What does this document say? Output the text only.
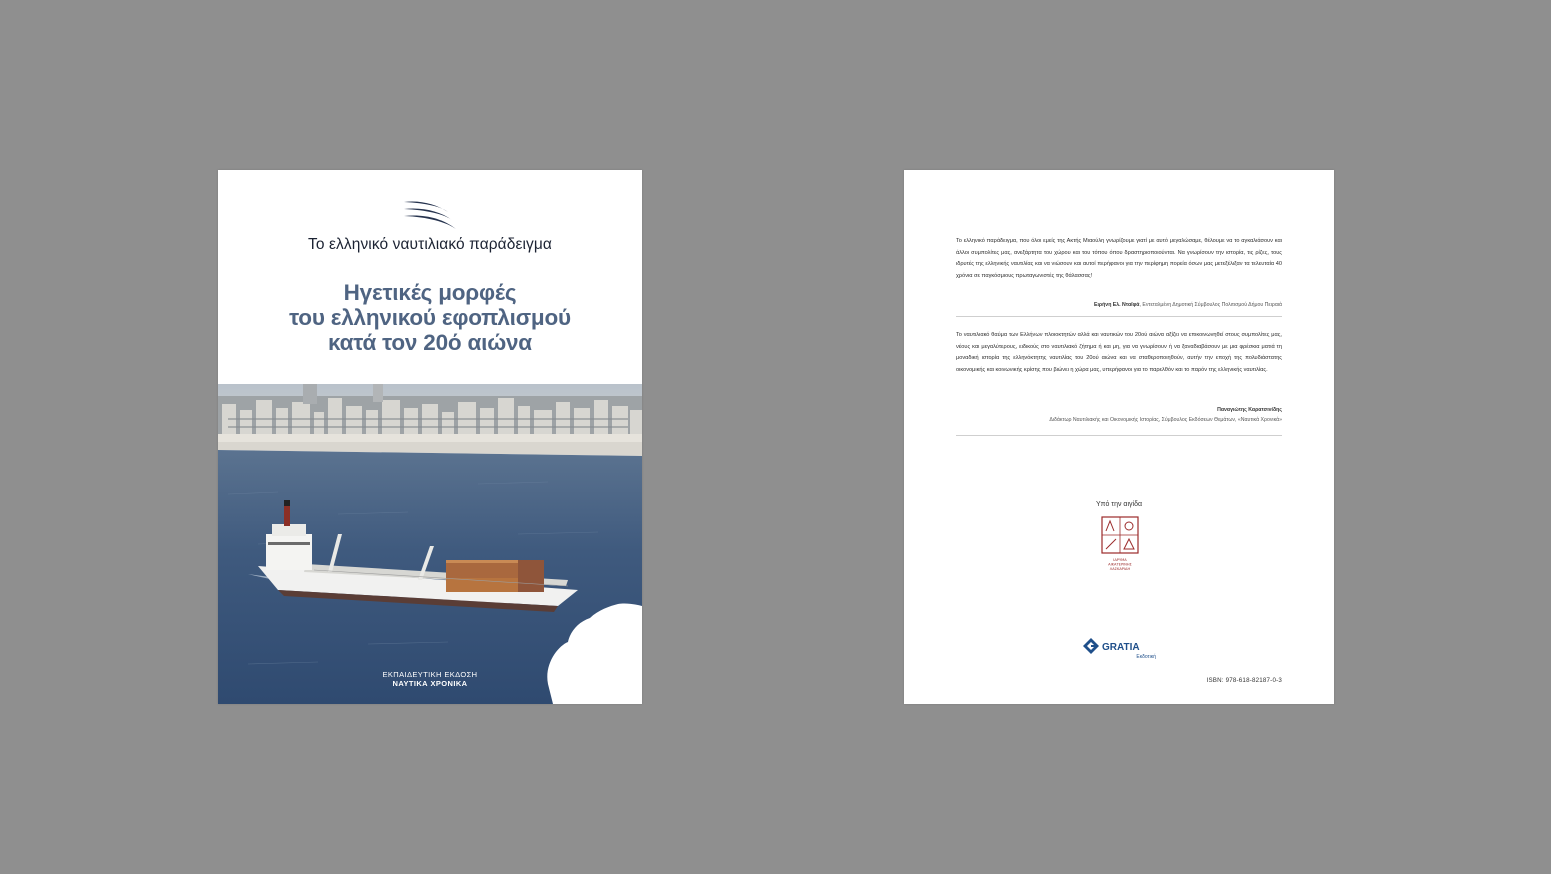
Το ελληνικό ναυτιλιακό παράδειγμα
Ηγετικές μορφές
του ελληνικού εφοπλισμού
κατά τον 20ό αιώνα
ΕΚΠΑΙΔΕΥΤΙΚΗ ΕΚΔΟΣΗ
ΝΑΥΤΙΚΑ ΧΡΟΝΙΚΑ
Το ελληνικό παράδειγμα, που όλοι εμείς της Ακτής Μιαούλη γνωρίζουμε γιατί με αυτό μεγαλώσαμε, θέλουμε να το αγκαλιάσουν και άλλοι συμπολίτες μας, ανεξάρτητα του χώρου και του τόπου όπου δραστηριοποιούνται. Να γνωρίσουν την ιστορία, τις ρίζες, τους ιδρυτές της ελληνικής ναυτιλίας και να νιώσουν και αυτοί περήφανοι για την περίφημη πορεία όσων μας μετεξέλιξαν τα τελευταία 40 χρόνια σε παγκόσμιους πρωταγωνιστές της θάλασσας!
Ειρήνη Ελ. Νταϊφά, Εντεταλμένη Δημοτική Σύμβουλος Πολιτισμού Δήμου Πειραιά
Το ναυτιλιακό θαύμα των Ελλήνων πλοιοκτητών αλλά και ναυτικών του 20ού αιώνα αξίζει να επικοινωνηθεί στους συμπολίτες μας, νέους και μεγαλύτερους, ειδικούς στο ναυτιλιακό ζήτημα ή και μη, για να γνωρίσουν ή να ξαναδιαβάσουν με μια φρέσκια ματιά τη μοναδική ιστορία της ελληνόκτητης ναυτιλίας του 20ού αιώνα και να σταθεροποιηθούν, αυτήν την εποχή της πολυδιάστατης οικονομικής και κοινωνικής κρίσης που βιώνει η χώρα μας, υπερήφανοι για το παρελθόν και το παρόν της ελληνικής ναυτιλίας.
Παναγιώτης Καρατσινίδης
Διδάκτωρ Ναυτιλιακής και Οικονομικής Ιστορίας, Σύμβουλος Εκδόσεων Θεμάτων, «Ναυτικά Χρονικά»
Υπό την αιγίδα
ΙΔΡΥΜΑ
ΑΙΚΑΤΕΡΙΝΗΣ
ΛΑΣΚΑΡΙΔΗ
GRATIA
Εκδοτική
ISBN: 978-618-82187-0-3
